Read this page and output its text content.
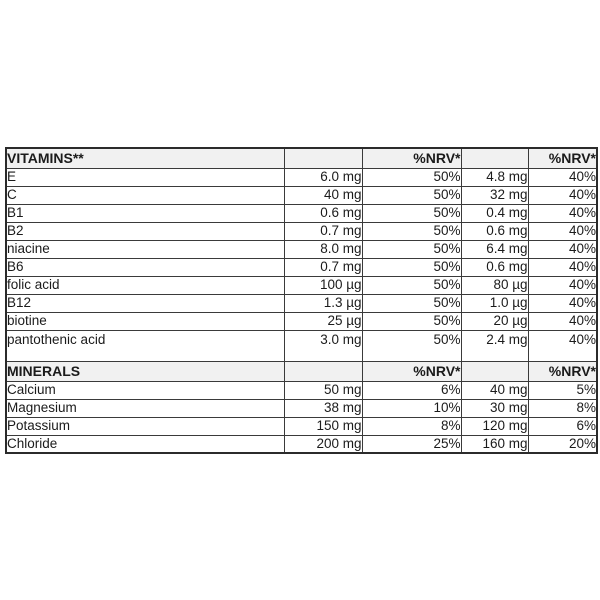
VITAMINS**		%NRV*		%NRV*
E	6.0 mg	50%	4.8 mg	40%
C	40 mg	50%	32 mg	40%
B1	0.6 mg	50%	0.4 mg	40%
B2	0.7 mg	50%	0.6 mg	40%
niacine	8.0 mg	50%	6.4 mg	40%
B6	0.7 mg	50%	0.6 mg	40%
folic acid	100 µg	50%	80 µg	40%
B12	1.3 µg	50%	1.0 µg	40%
biotine	25 µg	50%	20 µg	40%
pantothenic acid	3.0 mg	50%	2.4 mg	40%
MINERALS		%NRV*		%NRV*
Calcium	50 mg	6%	40 mg	5%
Magnesium	38 mg	10%	30 mg	8%
Potassium	150 mg	8%	120 mg	6%
Chloride	200 mg	25%	160 mg	20%
